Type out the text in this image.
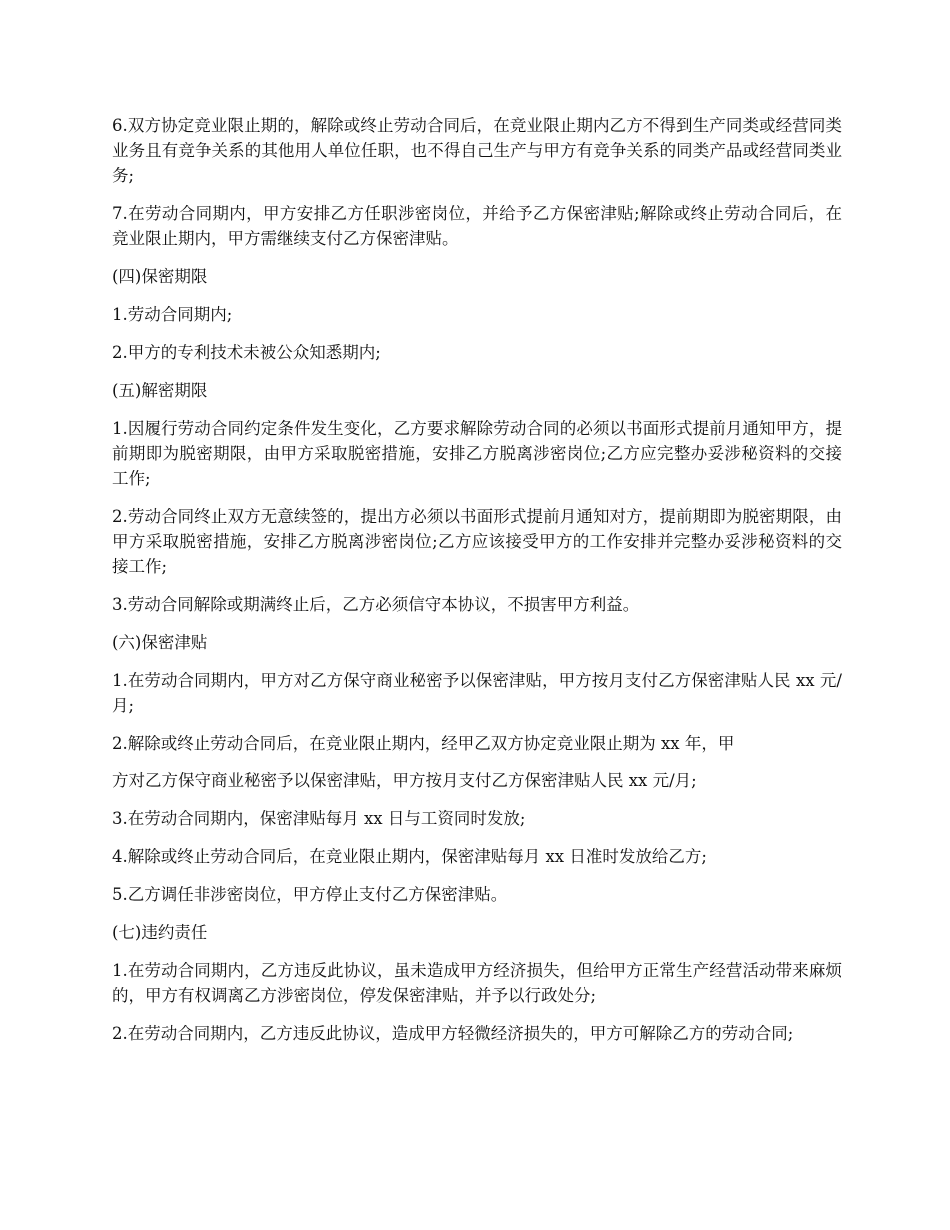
6.双方协定竞业限止期的，解除或终止劳动合同后，在竞业限止期内乙方不得到生产同类或经营同类业务且有竞争关系的其他用人单位任职，也不得自己生产与甲方有竞争关系的同类产品或经营同类业务;

7.在劳动合同期内，甲方安排乙方任职涉密岗位，并给予乙方保密津贴;解除或终止劳动合同后，在竞业限止期内，甲方需继续支付乙方保密津贴。

(四)保密期限

1.劳动合同期内;

2.甲方的专利技术未被公众知悉期内;

(五)解密期限

1.因履行劳动合同约定条件发生变化，乙方要求解除劳动合同的必须以书面形式提前月通知甲方，提前期即为脱密期限，由甲方采取脱密措施，安排乙方脱离涉密岗位;乙方应完整办妥涉秘资料的交接工作;

2.劳动合同终止双方无意续签的，提出方必须以书面形式提前月通知对方，提前期即为脱密期限，由甲方采取脱密措施，安排乙方脱离涉密岗位;乙方应该接受甲方的工作安排并完整办妥涉秘资料的交接工作;

3.劳动合同解除或期满终止后，乙方必须信守本协议，不损害甲方利益。

(六)保密津贴

1.在劳动合同期内，甲方对乙方保守商业秘密予以保密津贴，甲方按月支付乙方保密津贴人民 xx 元/月;

2.解除或终止劳动合同后，在竞业限止期内，经甲乙双方协定竞业限止期为 xx 年，甲

方对乙方保守商业秘密予以保密津贴，甲方按月支付乙方保密津贴人民 xx 元/月;

3.在劳动合同期内，保密津贴每月 xx 日与工资同时发放;

4.解除或终止劳动合同后，在竞业限止期内，保密津贴每月 xx 日准时发放给乙方;

5.乙方调任非涉密岗位，甲方停止支付乙方保密津贴。

(七)违约责任

1.在劳动合同期内，乙方违反此协议，虽未造成甲方经济损失，但给甲方正常生产经营活动带来麻烦的，甲方有权调离乙方涉密岗位，停发保密津贴，并予以行政处分;

2.在劳动合同期内，乙方违反此协议，造成甲方轻微经济损失的，甲方可解除乙方的劳动合同;
